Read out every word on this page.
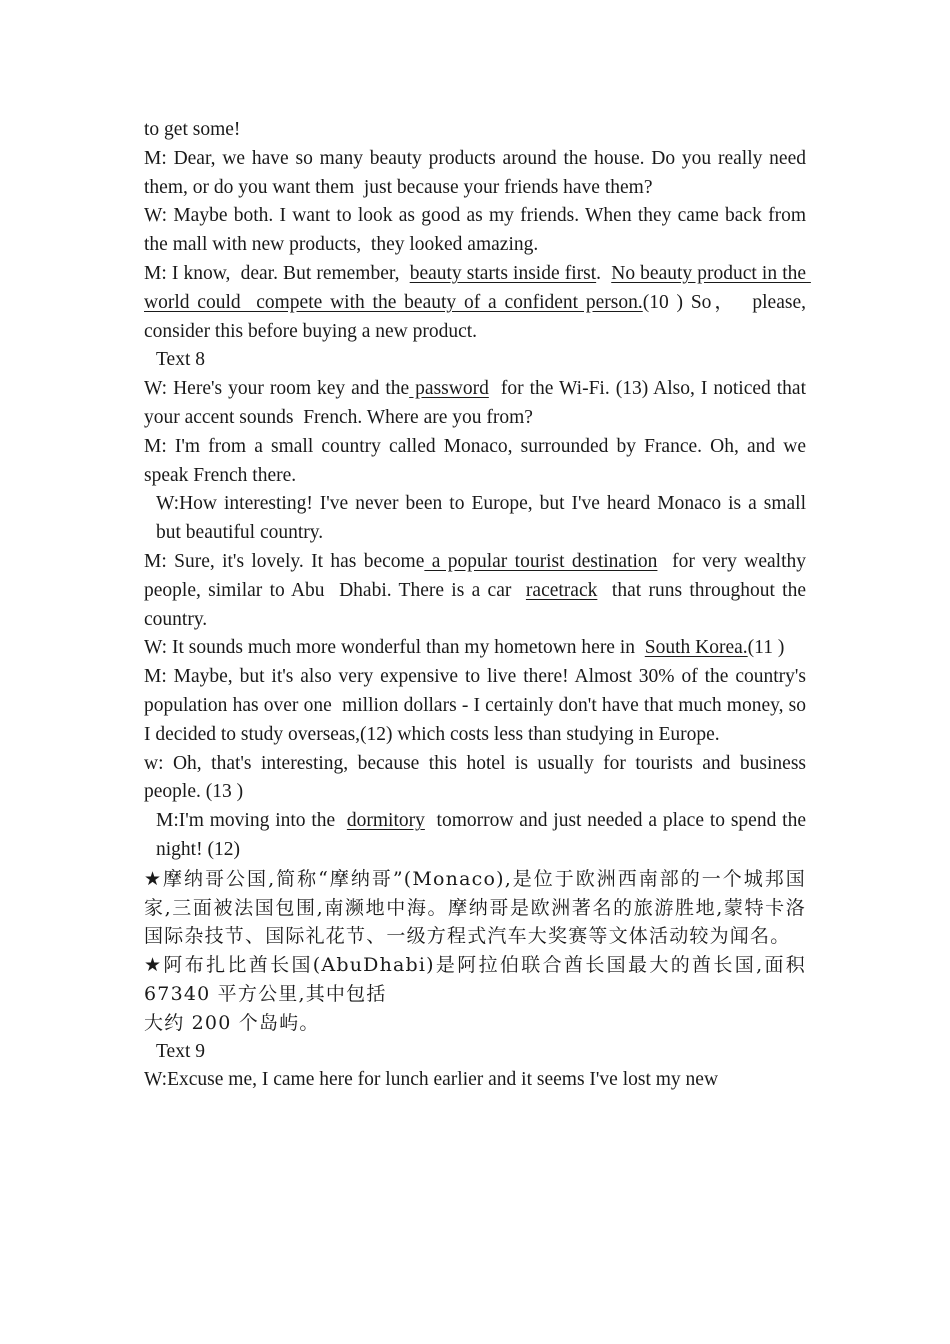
to get some!

M: Dear, we have so many beauty products around the house. Do you really need them, or do you want them  just because your friends have them?

W: Maybe both. I want to look as good as my friends. When they came back from the mall with new products,  they looked amazing.

M: I know,  dear. But remember,  beauty starts inside first.  No beauty product in the world could  compete with the beauty of a confident person.(10 ) So，  please, consider this before buying a new product.

Text 8

W: Here's your room key and the password  for the Wi-Fi. (13) Also, I noticed that your accent sounds  French. Where are you from?

M: I'm from a small country called Monaco, surrounded by France. Oh, and we speak French there.

W:How interesting! I've never been to Europe, but I've heard Monaco is a small but beautiful country.

M: Sure, it's lovely. It has become a popular tourist destination  for very wealthy people, similar to Abu  Dhabi. There is a car  racetrack  that runs throughout the country.

W: It sounds much more wonderful than my hometown here in  South Korea.(11 )

M: Maybe, but it's also very expensive to live there! Almost 30% of the country's population has over one  million dollars - I certainly don't have that much money, so I decided to study overseas,(12) which costs less than studying in Europe.

w: Oh, that's interesting, because this hotel is usually for tourists and business people. (13 )

M:I'm moving into the  dormitory  tomorrow and just needed a place to spend the night! (12)

★摩纳哥公国,简称“摩纳哥”(Monaco),是位于欧洲西南部的一个城邦国家,三面被法国包围,南濒地中海。摩纳哥是欧洲著名的旅游胜地,蒙特卡洛国际杂技节、国际礼花节、一级方程式汽车大奖赛等文体活动较为闻名。

★阿布扎比酋长国(AbuDhabi)是阿拉伯联合酋长国最大的酋长国,面积 67340 平方公里,其中包括

大约 200 个岛屿。

Text 9

W:Excuse me, I came here for lunch earlier and it seems I've lost my new
